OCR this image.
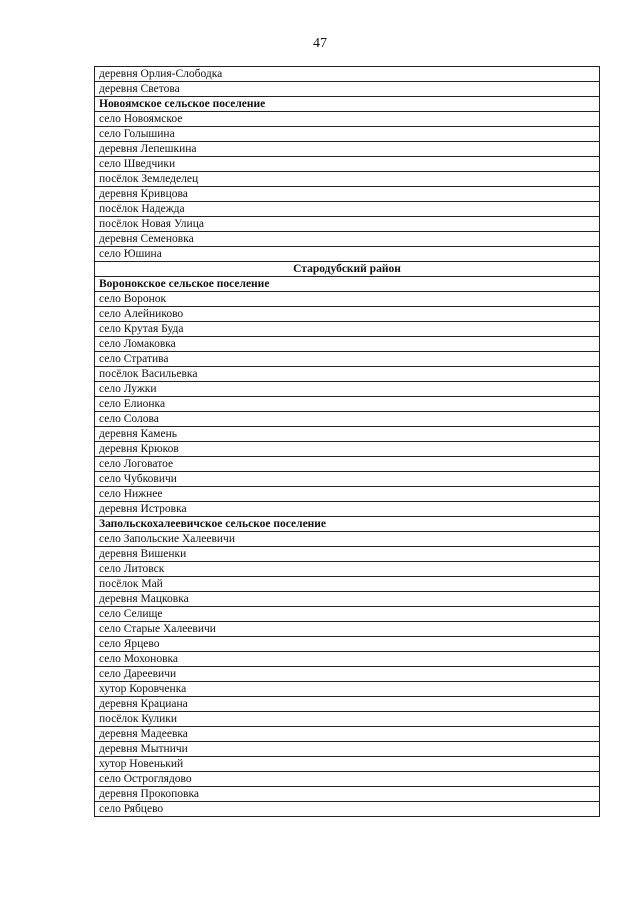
47
деревня Орлия-Слободка
деревня Светова
Новоямское сельское поселение
село Новоямское
село Голышина
деревня Лепешкина
село Шведчики
посёлок Земледелец
деревня Кривцова
посёлок Надежда
посёлок Новая Улица
деревня Семеновка
село Юшина
Стародубский район
Воронокское сельское поселение
село Воронок
село Алейниково
село Крутая Буда
село Ломаковка
село Стратива
посёлок Васильевка
село Лужки
село Елионка
село Солова
деревня Камень
деревня Крюков
село Логоватое
село Чубковичи
село Нижнее
деревня Истровка
Запольскохалеевичское сельское поселение
село Запольские Халеевичи
деревня Вишенки
село Литовск
посёлок Май
деревня Мацковка
село Селище
село Старые Халеевичи
село Ярцево
село Мохоновка
село Дареевичи
хутор Коровченка
деревня Крациана
посёлок Кулики
деревня Мадеевка
деревня Мытничи
хутор Новенький
село Остроглядово
деревня Прокоповка
село Рябцево
